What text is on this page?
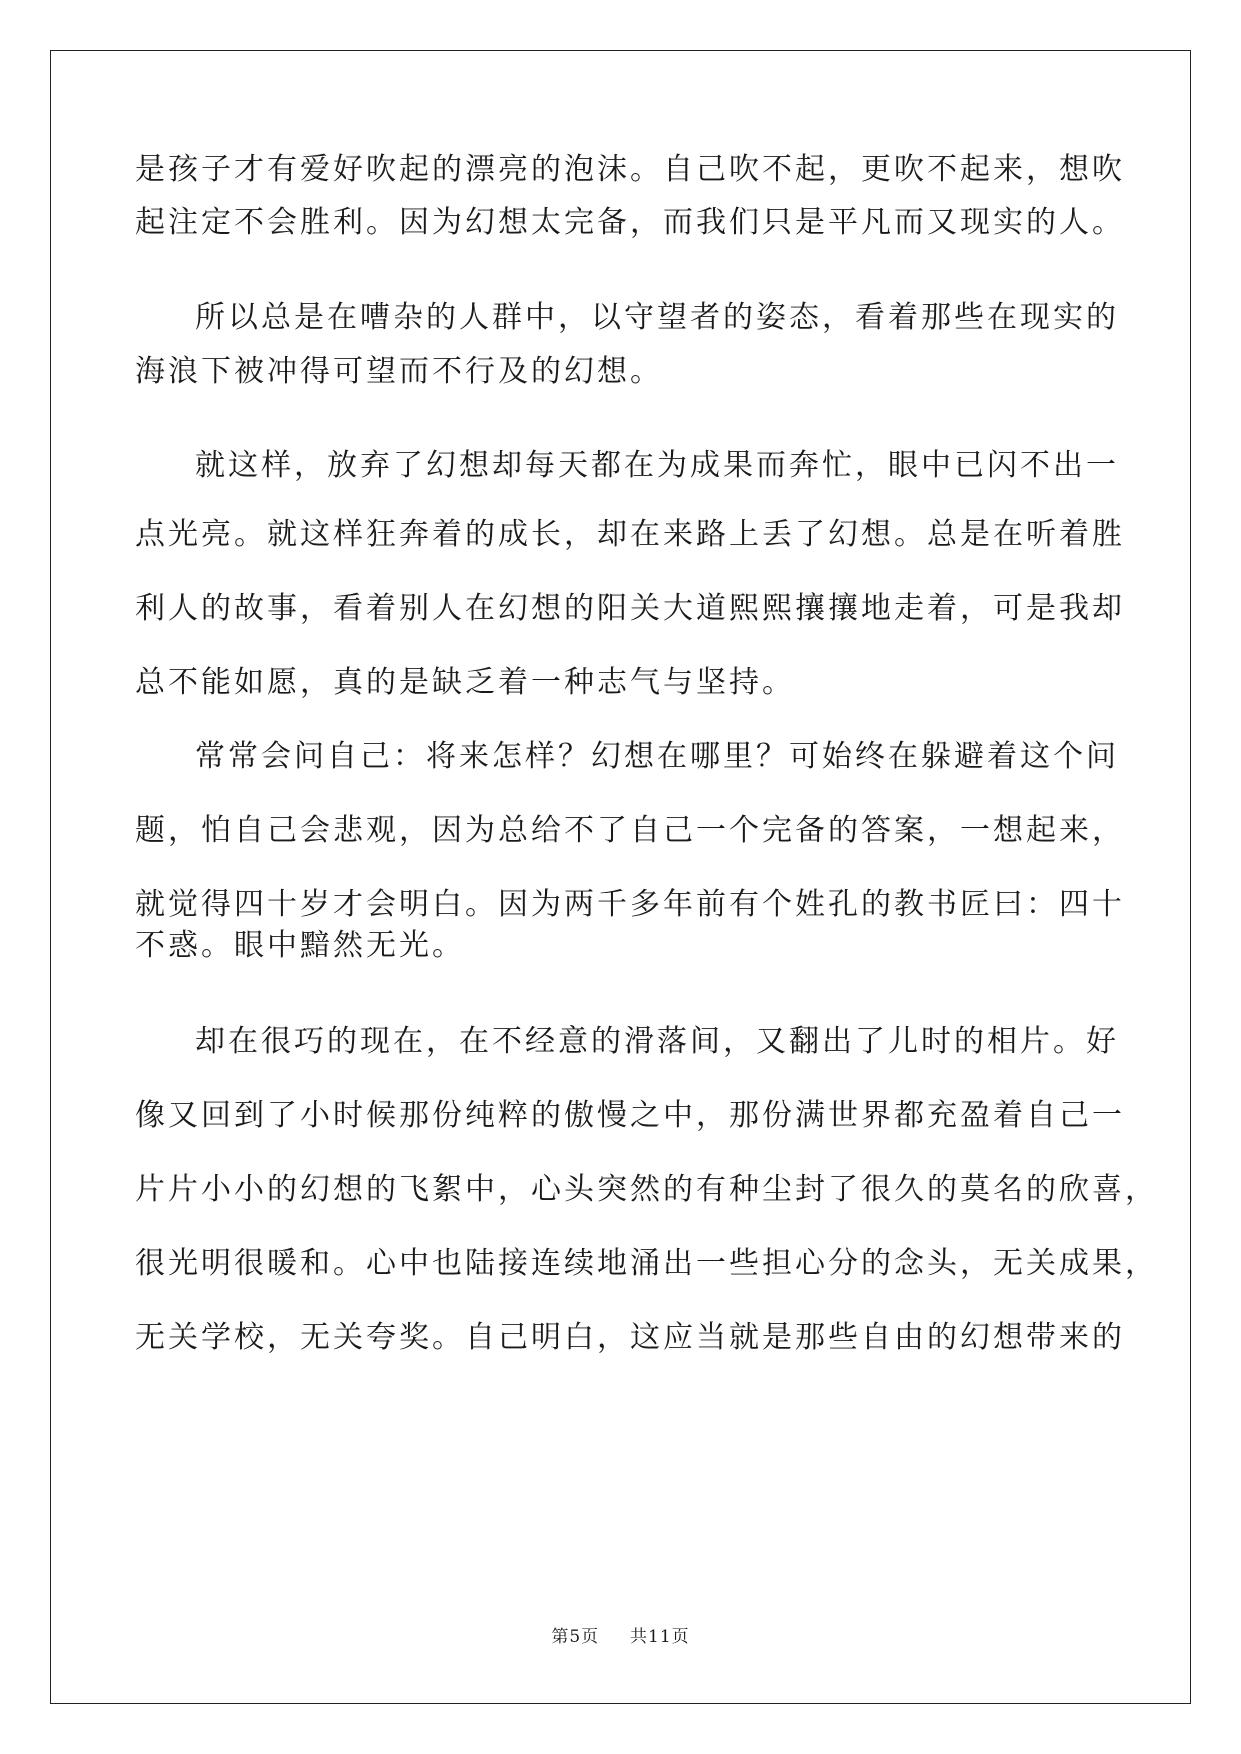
是孩子才有爱好吹起的漂亮的泡沫。自己吹不起，更吹不起来，想吹
起注定不会胜利。因为幻想太完备，而我们只是平凡而又现实的人。
所以总是在嘈杂的人群中，以守望者的姿态，看着那些在现实的
海浪下被冲得可望而不行及的幻想。
就这样，放弃了幻想却每天都在为成果而奔忙，眼中已闪不出一
点光亮。就这样狂奔着的成长，却在来路上丢了幻想。总是在听着胜
利人的故事，看着别人在幻想的阳关大道熙熙攘攘地走着，可是我却
总不能如愿，真的是缺乏着一种志气与坚持。
常常会问自己：将来怎样？幻想在哪里？可始终在躲避着这个问
题，怕自己会悲观，因为总给不了自己一个完备的答案，一想起来，
就觉得四十岁才会明白。因为两千多年前有个姓孔的教书匠曰：四十
不惑。眼中黯然无光。
却在很巧的现在，在不经意的滑落间，又翻出了儿时的相片。好
像又回到了小时候那份纯粹的傲慢之中，那份满世界都充盈着自己一
片片小小的幻想的飞絮中，心头突然的有种尘封了很久的莫名的欣喜，
很光明很暖和。心中也陆接连续地涌出一些担心分的念头，无关成果，
无关学校，无关夸奖。自己明白，这应当就是那些自由的幻想带来的
第5页 共11页
